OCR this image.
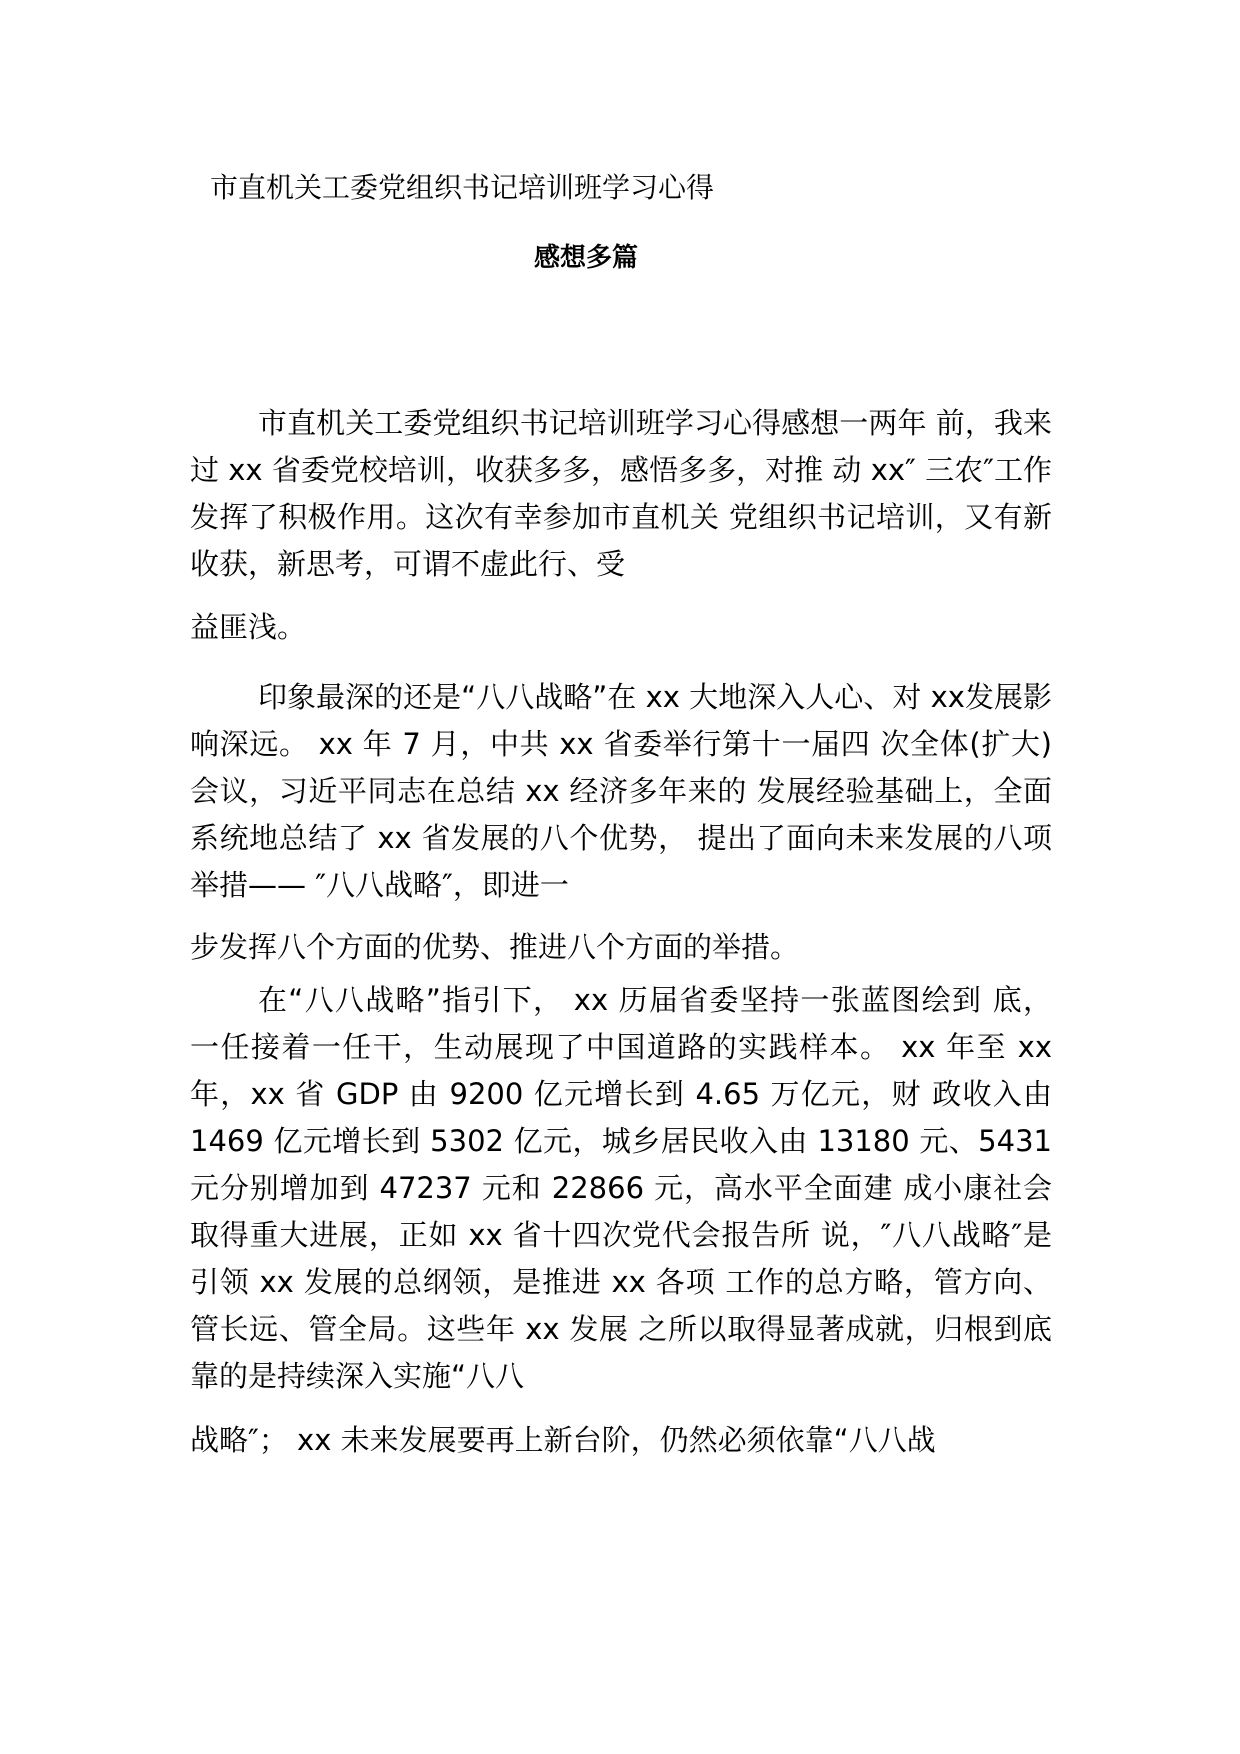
市直机关工委党组织书记培训班学习心得
感想多篇

市直机关工委党组织书记培训班学习心得感想一两年 前，我来过 xx 省委党校培训，收获多多，感悟多多，对推 动 xx″ 三农″工作发挥了积极作用。这次有幸参加市直机关 党组织书记培训，又有新收获，新思考，可谓不虚此行、受

益匪浅。

印象最深的还是“八八战略”在 xx 大地深入人心、对 xx发展影响深远。 xx 年 7 月，中共 xx 省委举行第十一届四 次全体(扩大)会议，习近平同志在总结 xx 经济多年来的 发展经验基础上，全面系统地总结了 xx 省发展的八个优势， 提出了面向未来发展的八项举措—— ″八八战略″，即进一

步发挥八个方面的优势、推进八个方面的举措。

在“八八战略”指引下， xx 历届省委坚持一张蓝图绘到 底， 一任接着一任干，生动展现了中国道路的实践样本。 xx 年至 xx 年，xx 省 GDP 由 9200 亿元增长到 4.65 万亿元，财 政收入由 1469 亿元增长到 5302 亿元，城乡居民收入由 13180 元、5431 元分别增加到 47237 元和 22866 元，高水平全面建 成小康社会取得重大进展，正如 xx 省十四次党代会报告所 说，″八八战略″是引领 xx 发展的总纲领，是推进 xx 各项 工作的总方略，管方向、管长远、管全局。这些年 xx 发展 之所以取得显著成就，归根到底靠的是持续深入实施“八八

战略″； xx 未来发展要再上新台阶，仍然必须依靠“八八战
